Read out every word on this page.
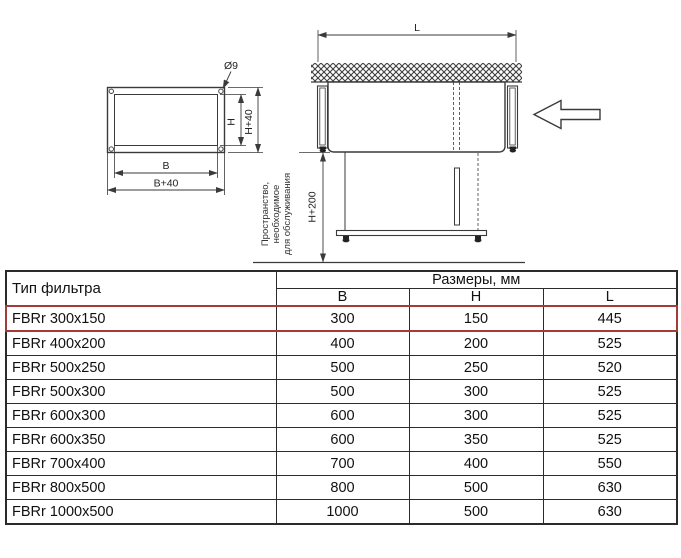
Ø9
H H+40
B
B+40
L
H+200
Пространство, необходимое для обслуживания
Тип фильтра	Размеры, мм		
	B	H	L
FBRr 300x150	300	150	445
FBRr 400x200	400	200	525
FBRr 500x250	500	250	520
FBRr 500x300	500	300	525
FBRr 600x300	600	300	525
FBRr 600x350	600	350	525
FBRr 700x400	700	400	550
FBRr 800x500	800	500	630
FBRr 1000x500	1000	500	630
